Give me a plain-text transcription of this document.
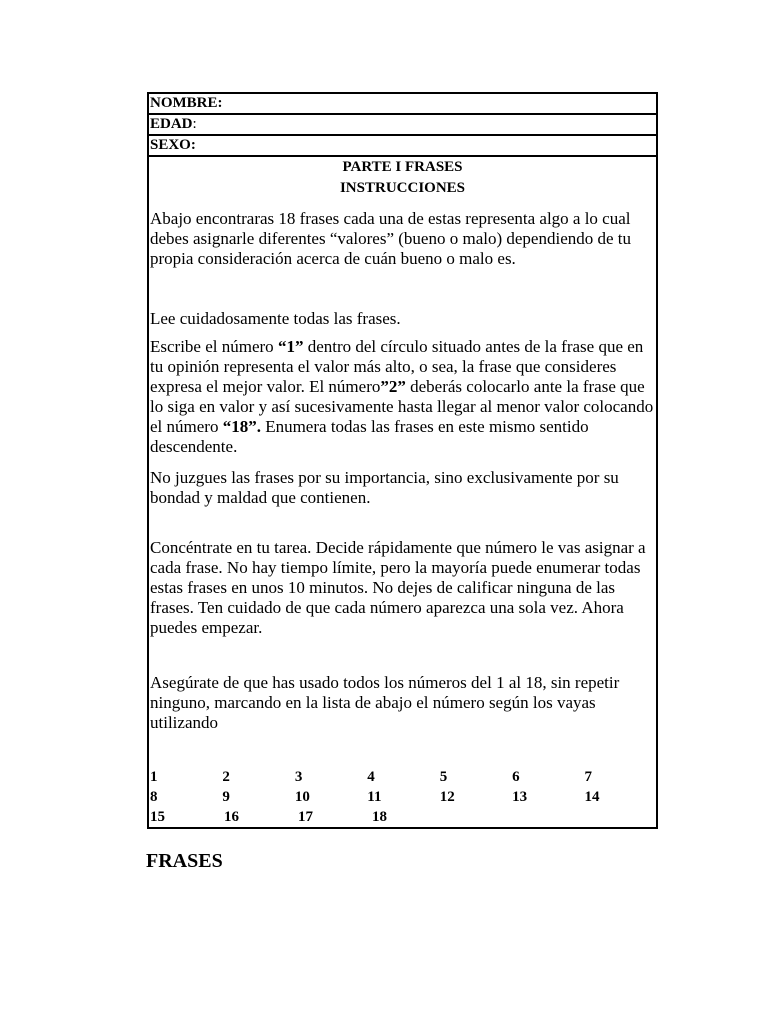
NOMBRE:
EDAD:
SEXO:
PARTE I FRASES
INSTRUCCIONES

Abajo encontraras 18 frases cada una de estas representa algo a lo cual debes asignarle diferentes “valores” (bueno o malo) dependiendo de tu propia consideración acerca de cuán bueno o malo es.

Lee cuidadosamente todas las frases.

Escribe el número “1” dentro del círculo situado antes de la frase que en tu opinión representa el valor más alto, o sea, la frase que consideres expresa el mejor valor. El número”2” deberás colocarlo ante la frase que lo siga en valor y así sucesivamente hasta llegar al menor valor colocando el número “18”. Enumera todas las frases en este mismo sentido descendente.

No juzgues las frases por su importancia, sino exclusivamente por su bondad y maldad que contienen.

Concéntrate en tu tarea. Decide rápidamente que número le vas asignar a cada frase. No hay tiempo límite, pero la mayoría puede enumerar todas estas frases en unos 10 minutos. No dejes de calificar ninguna de las frases. Ten cuidado de que cada número aparezca una sola vez. Ahora puedes empezar.

Asegúrate de que has usado todos los números del 1 al 18, sin repetir ninguno, marcando en la lista de abajo el número según los vayas utilizando

1	2	3	4	5	6	7
8	9	10	11	12	13	14
15	16	17	18
FRASES
